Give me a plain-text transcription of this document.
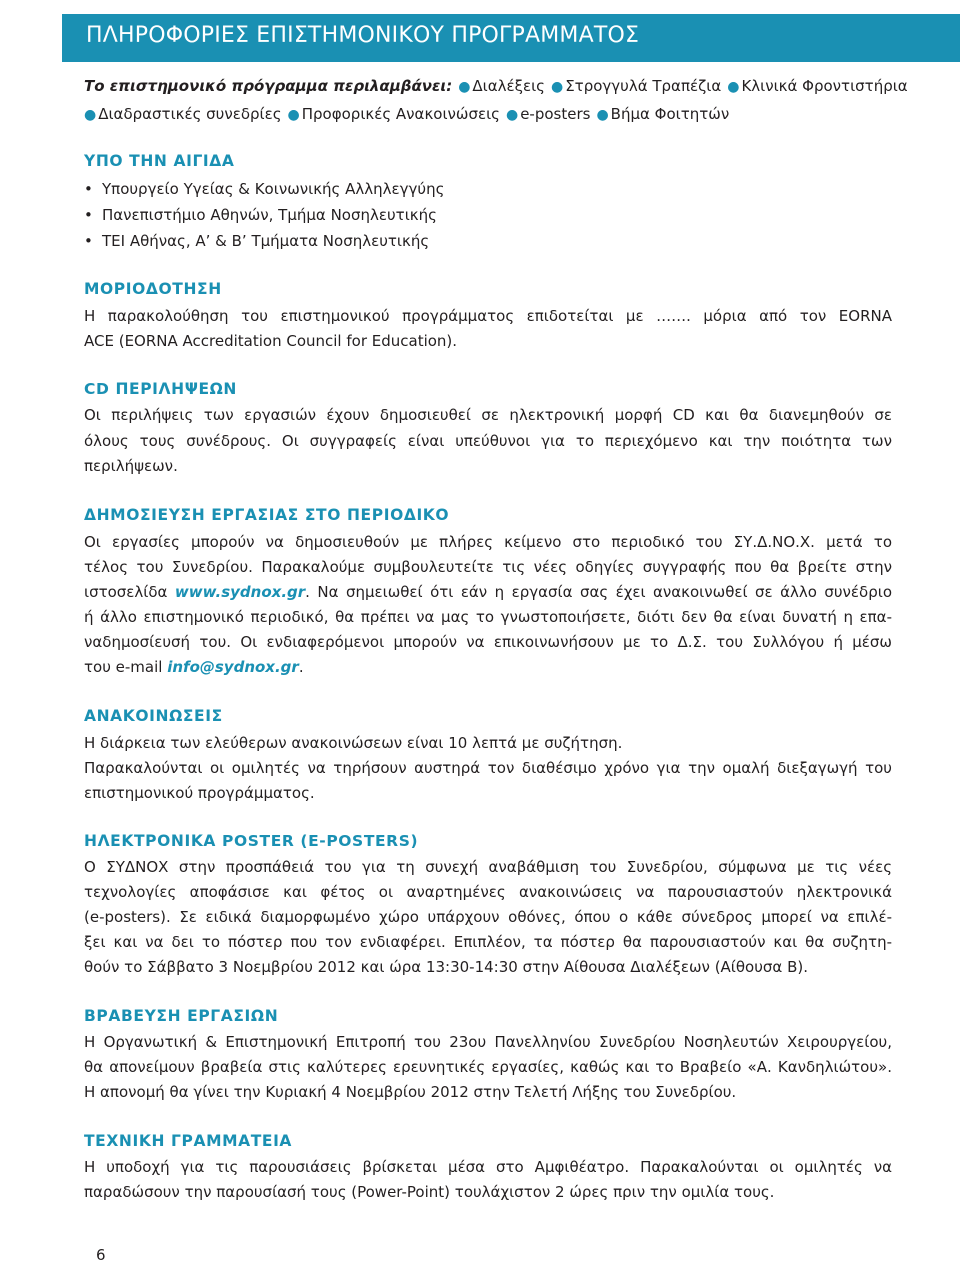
ΠΛΗΡΟΦΟΡΙΕΣ ΕΠΙΣΤΗΜΟΝΙΚΟΥ ΠΡΟΓΡΑΜΜΑΤΟΣ
Το επιστημονικό πρόγραμμα περιλαμβάνει: ● Διαλέξεις ● Στρογγυλά Τραπέζια ● Κλινικά Φροντιστήρια
● Διαδραστικές συνεδρίες ● Προφορικές Ανακοινώσεις ● e-posters ● Βήμα Φοιτητών
ΥΠΟ ΤΗΝ ΑΙΓΙΔΑ
• Υπουργείο Υγείας & Κοινωνικής Αλληλεγγύης
• Πανεπιστήμιο Αθηνών, Τμήμα Νοσηλευτικής
• ΤΕΙ Αθήνας, Α’ & Β’ Τμήματα Νοσηλευτικής
ΜΟΡΙΟΔΟΤΗΣΗ
Η παρακολούθηση του επιστημονικού προγράμματος επιδοτείται με ……. μόρια από τον EORNA
ACE (EORNA Accreditation Council for Education).
CD ΠΕΡΙΛΗΨΕΩΝ
Οι περιλήψεις των εργασιών έχουν δημοσιευθεί σε ηλεκτρονική μορφή CD και θα διανεμηθούν σε
όλους τους συνέδρους. Οι συγγραφείς είναι υπεύθυνοι για το περιεχόμενο και την ποιότητα των
περιλήψεων.
ΔΗΜΟΣΙΕΥΣΗ ΕΡΓΑΣΙΑΣ ΣΤΟ ΠΕΡΙΟΔΙΚΟ
Οι εργασίες μπορούν να δημοσιευθούν με πλήρες κείμενο στο περιοδικό του ΣΥ.Δ.ΝΟ.Χ. μετά το
τέλος του Συνεδρίου. Παρακαλούμε συμβουλευτείτε τις νέες οδηγίες συγγραφής που θα βρείτε στην
ιστοσελίδα www.sydnox.gr. Να σημειωθεί ότι εάν η εργασία σας έχει ανακοινωθεί σε άλλο συνέδριο
ή άλλο επιστημονικό περιοδικό, θα πρέπει να μας το γνωστοποιήσετε, διότι δεν θα είναι δυνατή η επα-
ναδημοσίευσή του. Οι ενδιαφερόμενοι μπορούν να επικοινωνήσουν με το Δ.Σ. του Συλλόγου ή μέσω
του e-mail info@sydnox.gr.
ΑΝΑΚΟΙΝΩΣΕΙΣ
Η διάρκεια των ελεύθερων ανακοινώσεων είναι 10 λεπτά με συζήτηση.
Παρακαλούνται οι ομιλητές να τηρήσουν αυστηρά τον διαθέσιμο χρόνο για την ομαλή διεξαγωγή του
επιστημονικού προγράμματος.
ΗΛΕΚΤΡΟΝΙΚΑ POSTER (E-POSTERS)
Ο ΣΥΔΝΟΧ στην προσπάθειά του για τη συνεχή αναβάθμιση του Συνεδρίου, σύμφωνα με τις νέες
τεχνολογίες αποφάσισε και φέτος οι αναρτημένες ανακοινώσεις να παρουσιαστούν ηλεκτρονικά
(e-posters). Σε ειδικά διαμορφωμένο χώρο υπάρχουν οθόνες, όπου ο κάθε σύνεδρος μπορεί να επιλέ-
ξει και να δει το πόστερ που τον ενδιαφέρει. Επιπλέον, τα πόστερ θα παρουσιαστούν και θα συζητη-
θούν το Σάββατο 3 Νοεμβρίου 2012 και ώρα 13:30-14:30 στην Αίθουσα Διαλέξεων (Αίθουσα Β).
ΒΡΑΒΕΥΣΗ ΕΡΓΑΣΙΩΝ
Η Οργανωτική & Επιστημονική Επιτροπή του 23ου Πανελληνίου Συνεδρίου Νοσηλευτών Χειρουργείου,
θα απονείμουν βραβεία στις καλύτερες ερευνητικές εργασίες, καθώς και το Βραβείο «Α. Κανδηλιώτου».
Η απονομή θα γίνει την Κυριακή 4 Νοεμβρίου 2012 στην Τελετή Λήξης του Συνεδρίου.
ΤΕΧΝΙΚΗ ΓΡΑΜΜΑΤΕΙΑ
Η υποδοχή για τις παρουσιάσεις βρίσκεται μέσα στο Αμφιθέατρο. Παρακαλούνται οι ομιλητές να
παραδώσουν την παρουσίασή τους (Power-Point) τουλάχιστον 2 ώρες πριν την ομιλία τους.
6
